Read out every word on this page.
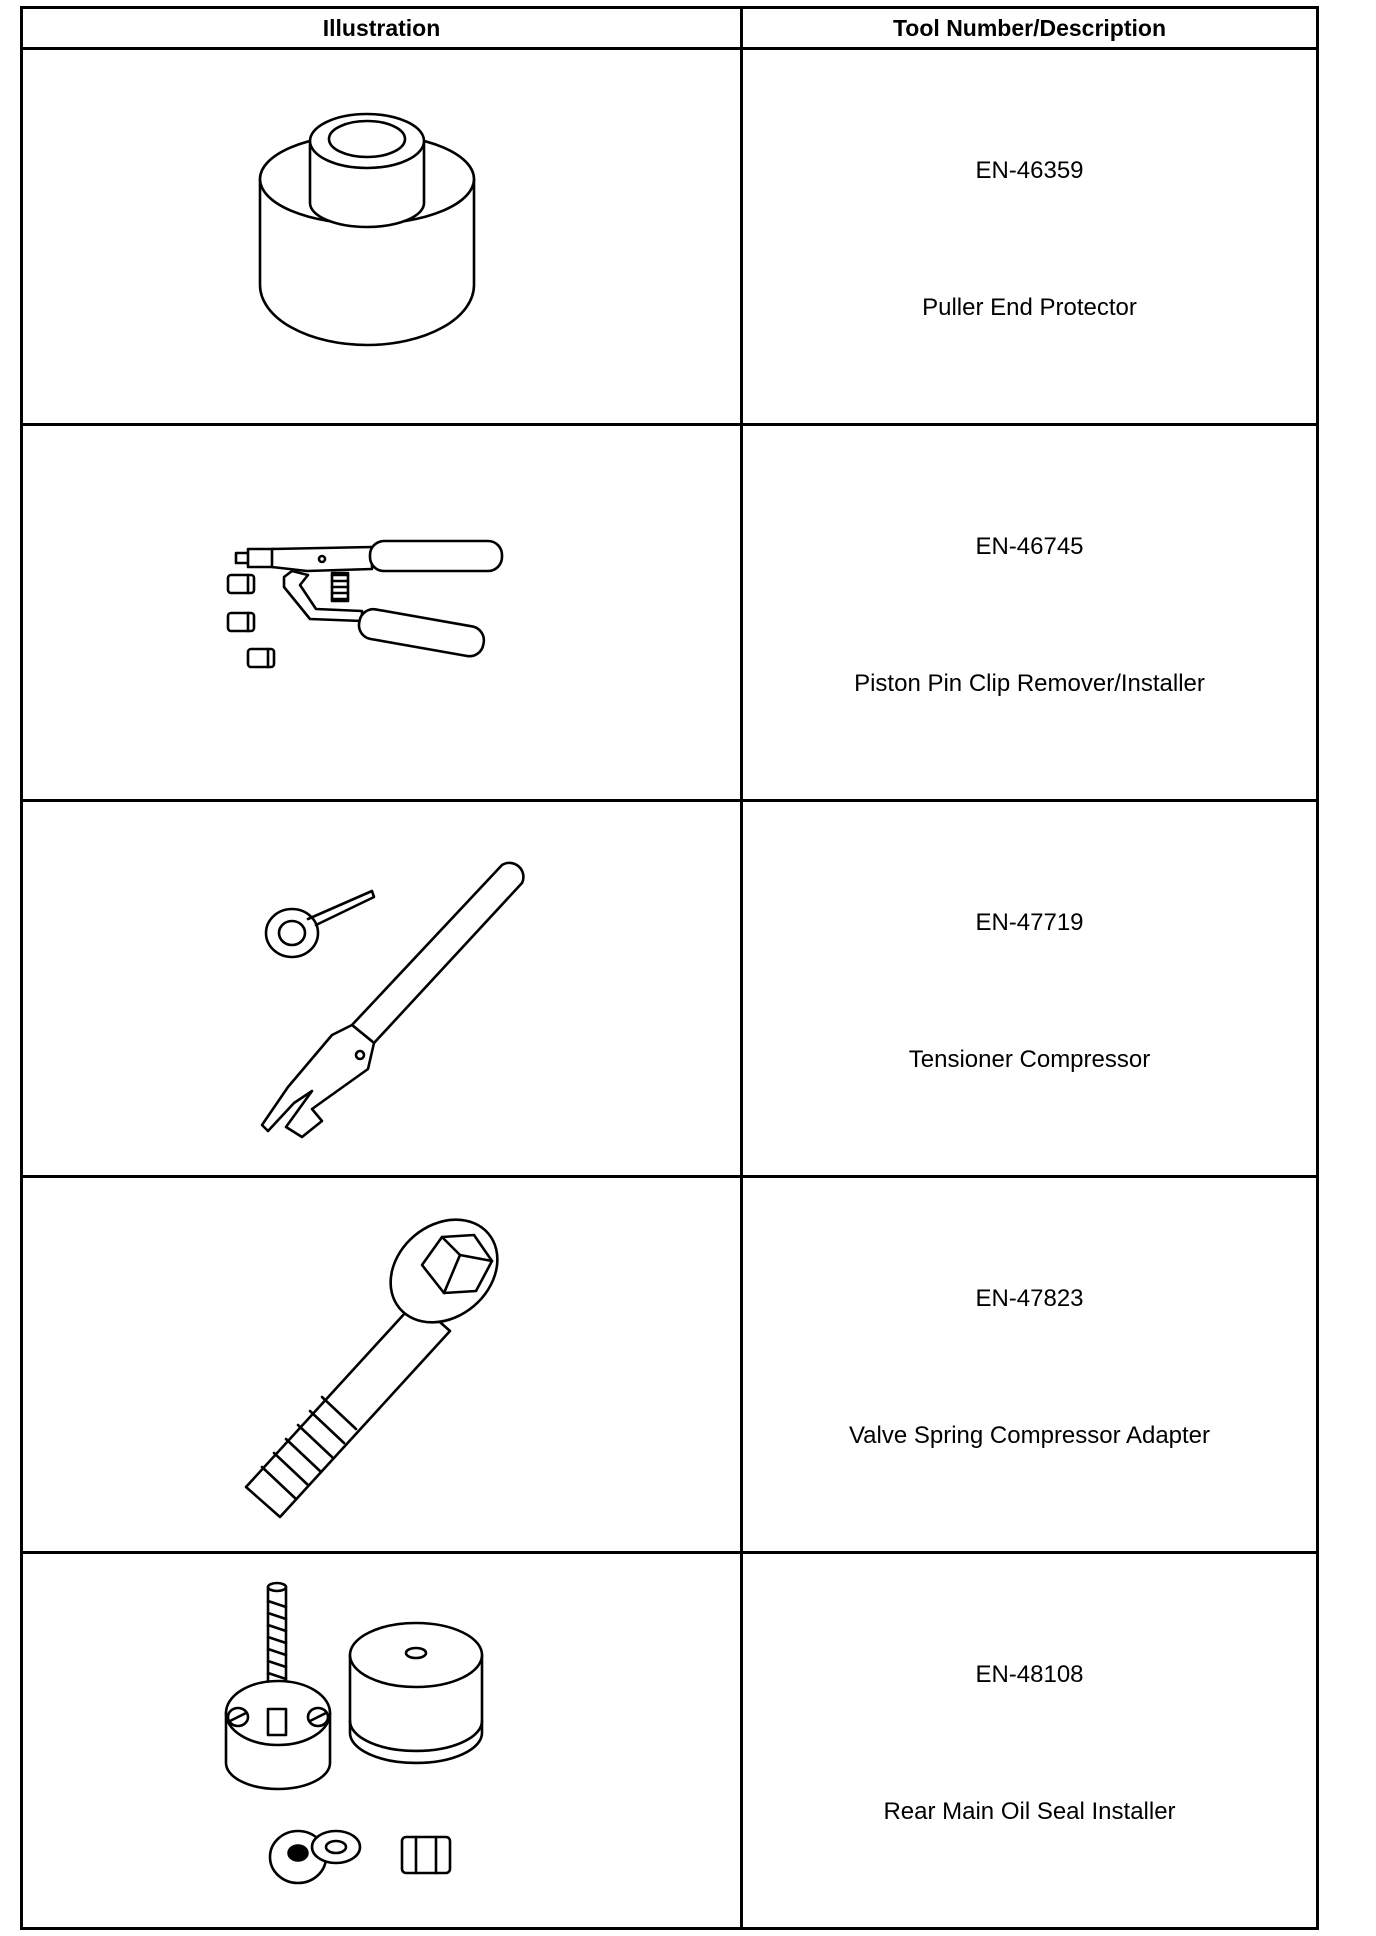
Illustration	Tool Number/Description

EN-46359
Puller End Protector

EN-46745
Piston Pin Clip Remover/Installer

EN-47719
Tensioner Compressor

EN-47823
Valve Spring Compressor Adapter

EN-48108
Rear Main Oil Seal Installer
